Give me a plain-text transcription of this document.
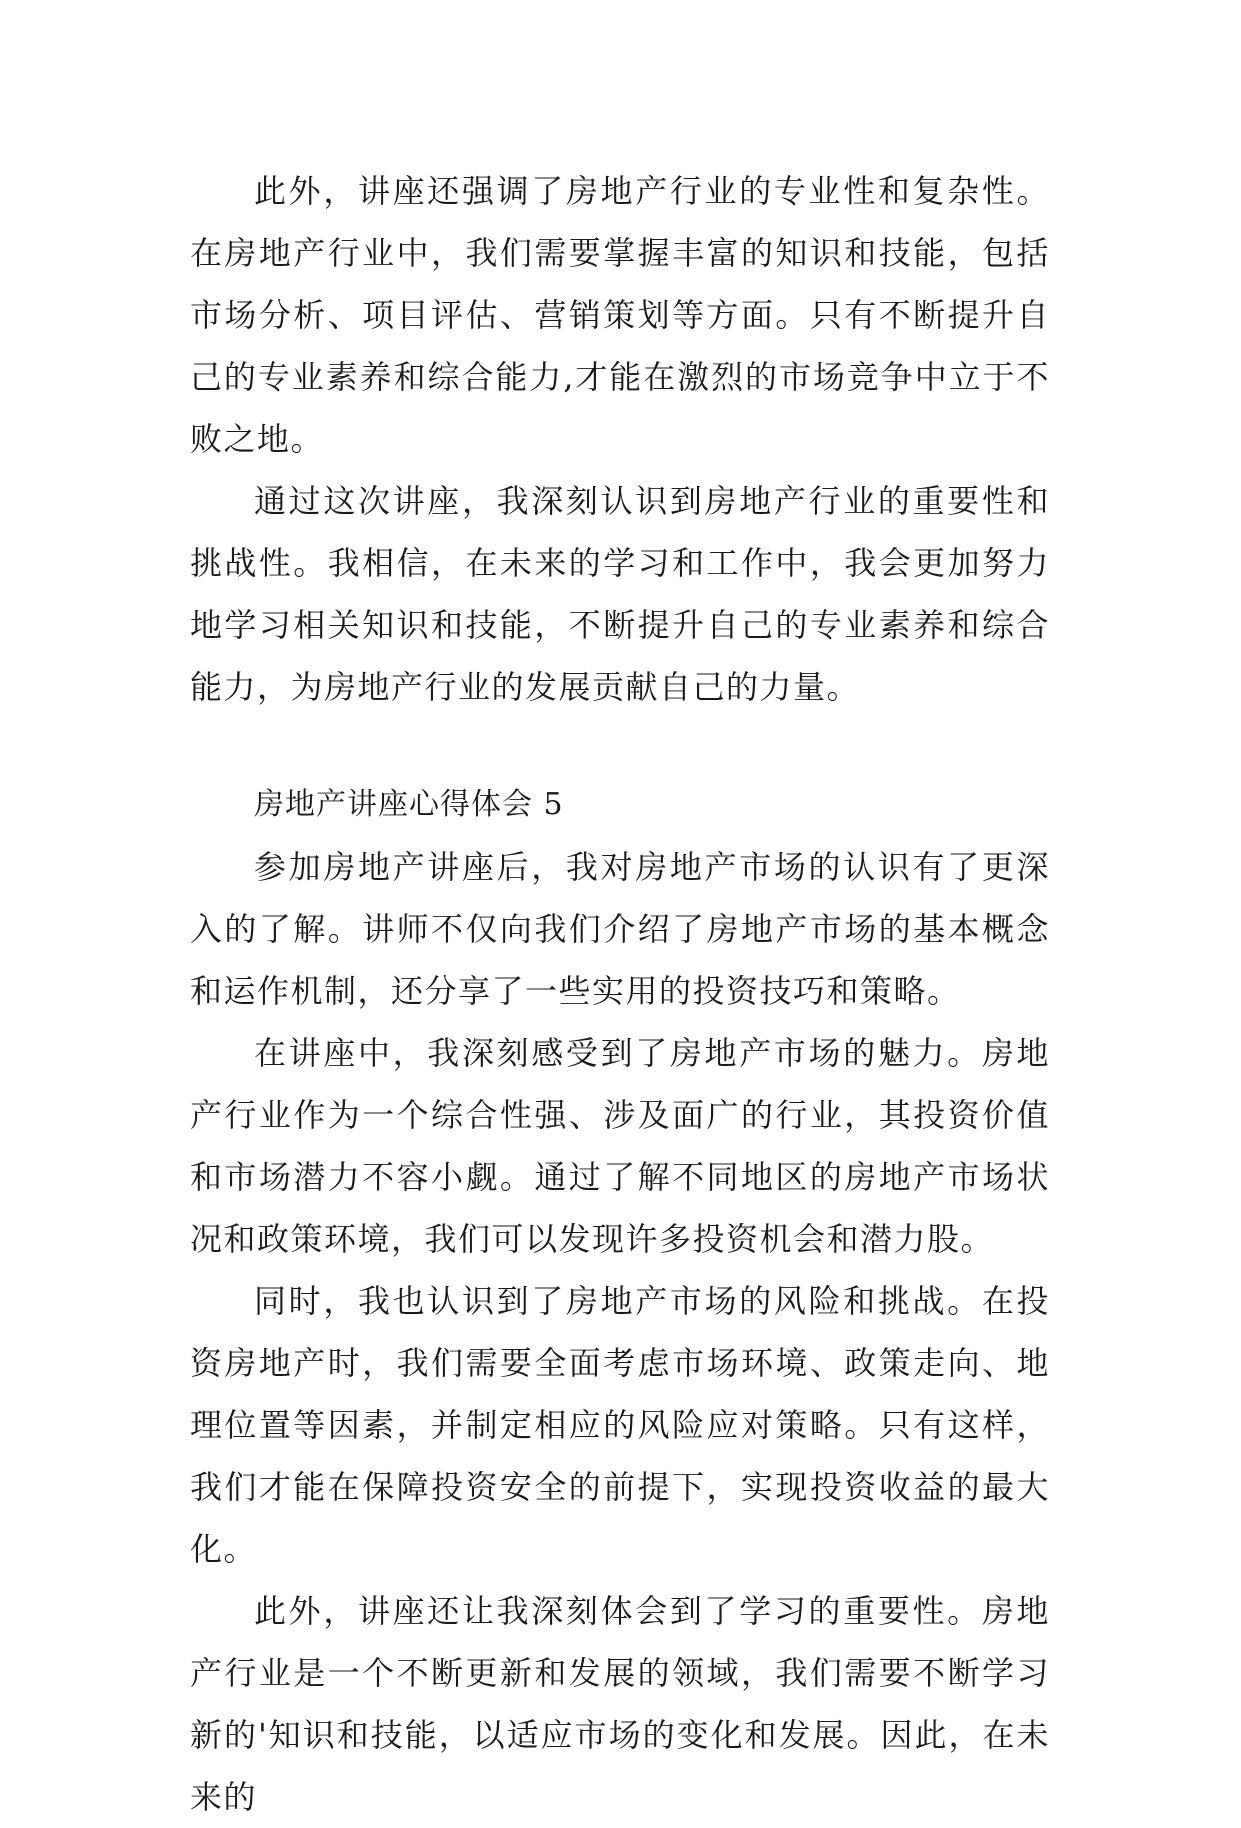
此外，讲座还强调了房地产行业的专业性和复杂性。在房地产行业中，我们需要掌握丰富的知识和技能，包括市场分析、项目评估、营销策划等方面。只有不断提升自己的专业素养和综合能力,才能在激烈的市场竞争中立于不败之地。

通过这次讲座，我深刻认识到房地产行业的重要性和挑战性。我相信，在未来的学习和工作中，我会更加努力地学习相关知识和技能，不断提升自己的专业素养和综合能力，为房地产行业的发展贡献自己的力量。

房地产讲座心得体会 5

参加房地产讲座后，我对房地产市场的认识有了更深入的了解。讲师不仅向我们介绍了房地产市场的基本概念和运作机制，还分享了一些实用的投资技巧和策略。

在讲座中，我深刻感受到了房地产市场的魅力。房地产行业作为一个综合性强、涉及面广的行业，其投资价值和市场潜力不容小觑。通过了解不同地区的房地产市场状况和政策环境，我们可以发现许多投资机会和潜力股。

同时，我也认识到了房地产市场的风险和挑战。在投资房地产时，我们需要全面考虑市场环境、政策走向、地理位置等因素，并制定相应的风险应对策略。只有这样，我们才能在保障投资安全的前提下，实现投资收益的最大化。

此外，讲座还让我深刻体会到了学习的重要性。房地产行业是一个不断更新和发展的领域，我们需要不断学习新的'知识和技能，以适应市场的变化和发展。因此，在未来的
